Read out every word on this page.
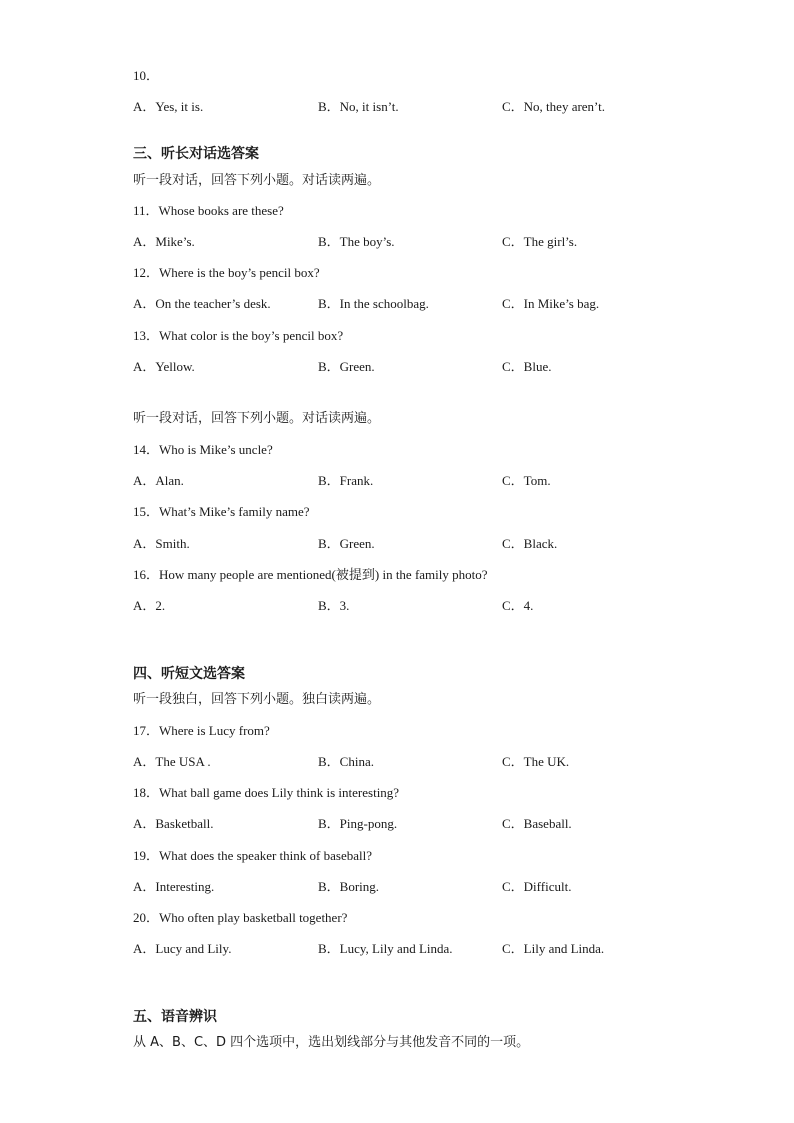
10．
A．Yes, it is.	B．No, it isn’t.	C．No, they aren’t.
三、听长对话选答案
听一段对话，回答下列小题。对话读两遍。
11．Whose books are these?
A．Mike’s.	B．The boy’s.	C．The girl’s.
12．Where is the boy’s pencil box?
A．On the teacher’s desk.	B．In the schoolbag.	C．In Mike’s bag.
13．What color is the boy’s pencil box?
A．Yellow.	B．Green.	C．Blue.
听一段对话，回答下列小题。对话读两遍。
14．Who is Mike’s uncle?
A．Alan.	B．Frank.	C．Tom.
15．What’s Mike’s family name?
A．Smith.	B．Green.	C．Black.
16．How many people are mentioned(被提到) in the family photo?
A．2.	B．3.	C．4.
四、听短文选答案
听一段独白，回答下列小题。独白读两遍。
17．Where is Lucy from?
A．The USA .	B．China.	C．The UK.
18．What ball game does Lily think is interesting?
A．Basketball.	B．Ping-pong.	C．Baseball.
19．What does the speaker think of baseball?
A．Interesting.	B．Boring.	C．Difficult.
20．Who often play basketball together?
A．Lucy and Lily.	B．Lucy, Lily and Linda.	C．Lily and Linda.
五、语音辨识
从 A、B、C、D 四个选项中，选出划线部分与其他发音不同的一项。
